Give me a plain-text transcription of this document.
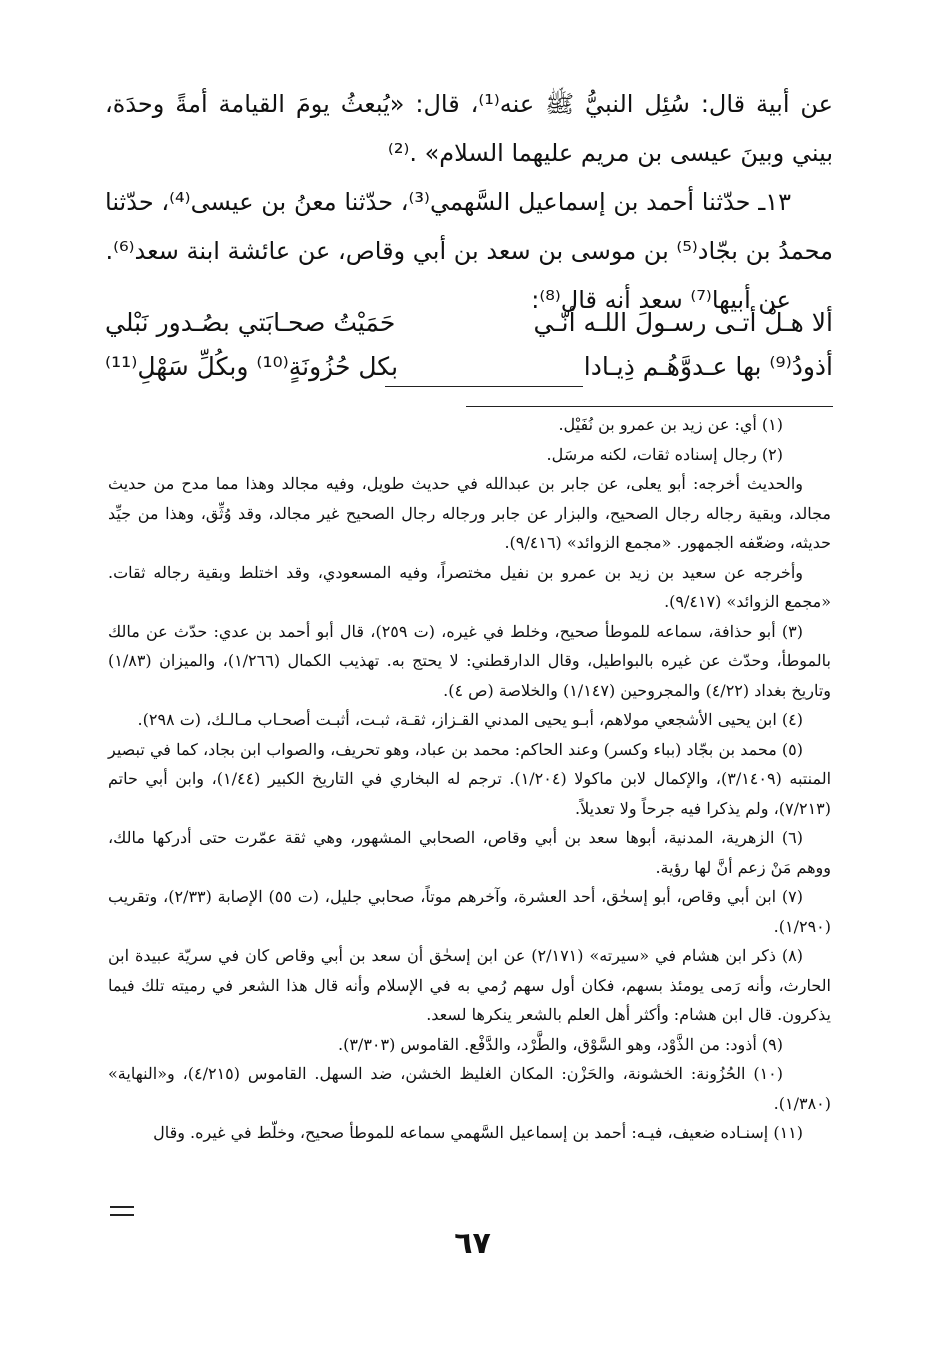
عن أبية قال: سُئِل النبيُّ ﷺ عنه⁽¹⁾، قال: «يُبعثُ يومَ القيامة أمةً وحدَة، بيني وبينَ عيسى بن مريم عليهما السلام» .⁽²⁾

١٣ـ حدّثنا أحمد بن إسماعيل السَّهمي⁽³⁾، حدّثنا معنُ بن عيسى⁽⁴⁾، حدّثنا محمدُ بن بجّاد⁽⁵⁾ بن موسى بن سعد بن أبي وقاص، عن عائشة ابنة سعد⁽⁶⁾.

عن أبيها⁽⁷⁾ سعد أنه قال⁽⁸⁾:

ألا هـلْ أتـى رسـولَ اللـه أنّـي
حَمَيْتُ صحـابَتي بصُـدور نَبْلي
أذودُ⁽⁹⁾ بها عـدوَّهُـم ذِيـادا
بكل حُزُونَةٍ⁽¹⁰⁾ وبكُلِّ سَهْلِ⁽¹¹⁾

(١) أي: عن زيد بن عمرو بن نُفَيْل.

(٢) رجال إسناده ثقات، لكنه مرسَل.

والحديث أخرجه: أبو يعلى، عن جابر بن عبدالله في حديث طويل، وفيه مجالد وهذا مما مدح من حديث مجالد، وبقية رجاله رجال الصحيح، والبزار عن جابر ورجاله رجال الصحيح غير مجالد، وقد وُثِّق، وهذا من جيِّد حديثه، وضعّفه الجمهور. «مجمع الزوائد» (٩/٤١٦).

وأخرجه عن سعيد بن زيد بن عمرو بن نفيل مختصراً، وفيه المسعودي، وقد اختلط وبقية رجاله ثقات. «مجمع الزوائد» (٩/٤١٧).

(٣) أبو حذافة، سماعه للموطأ صحيح، وخلط في غيره، (ت ٢٥٩)، قال أبو أحمد بن عدي: حدّث عن مالك بالموطأ، وحدّث عن غيره بالبواطيل، وقال الدارقطني: لا يحتج به. تهذيب الكمال (١/٢٦٦)، والميزان (١/٨٣) وتاريخ بغداد (٤/٢٢) والمجروحين (١/١٤٧) والخلاصة (ص ٤).

(٤) ابن يحيى الأشجعي مولاهم، أبـو يحيى المدني القـزاز، ثقـة، ثبـت، أثبـت أصحـاب مـالـك، (ت ٢٩٨).

(٥) محمد بن بجّاد (بباء وكسر) وعند الحاكم: محمد بن عباد، وهو تحريف، والصواب ابن بجاد، كما في تبصير المنتبه (٣/١٤٠٩)، والإكمال لابن ماكولا (١/٢٠٤). ترجم له البخاري في التاريخ الكبير (١/٤٤)، وابن أبي حاتم (٧/٢١٣)، ولم يذكرا فيه جرحاً ولا تعديلاً.

(٦) الزهرية، المدنية، أبوها سعد بن أبي وقاص، الصحابي المشهور، وهي ثقة عمّرت حتى أدركها مالك، ووهم مَنْ زعم أنَّ لها رؤية.

(٧) ابن أبي وقاص، أبو إسحٰق، أحد العشرة، وآخرهم موتاً، صحابي جليل، (ت ٥٥) الإصابة (٢/٣٣)، وتقريب (١/٢٩٠).

(٨) ذكر ابن هشام في «سيرته» (٢/١٧١) عن ابن إسحٰق أن سعد بن أبي وقاص كان في سريّة عبيدة ابن الحارث، وأنه رَمى يومئذ بسهم، فكان أول سهم رُمي به في الإسلام وأنه قال هذا الشعر في رميته تلك فيما يذكرون. قال ابن هشام: وأكثر أهل العلم بالشعر ينكرها لسعد.

(٩) أذود: من الذَّوْد، وهو السَّوْق، والطَّرْد، والدَّفْع. القاموس (٣/٣٠٣).

(١٠) الحُزُونة: الخشونة، والحَزْن: المكان الغليظ الخشن، ضد السهل. القاموس (٤/٢١٥)، و«النهاية» (١/٣٨٠).

(١١) إسنـاده ضعيف، فيـه: أحمد بن إسماعيل السَّهمي سماعه للموطأ صحيح، وخلّط في غيره. وقال

٦٧
